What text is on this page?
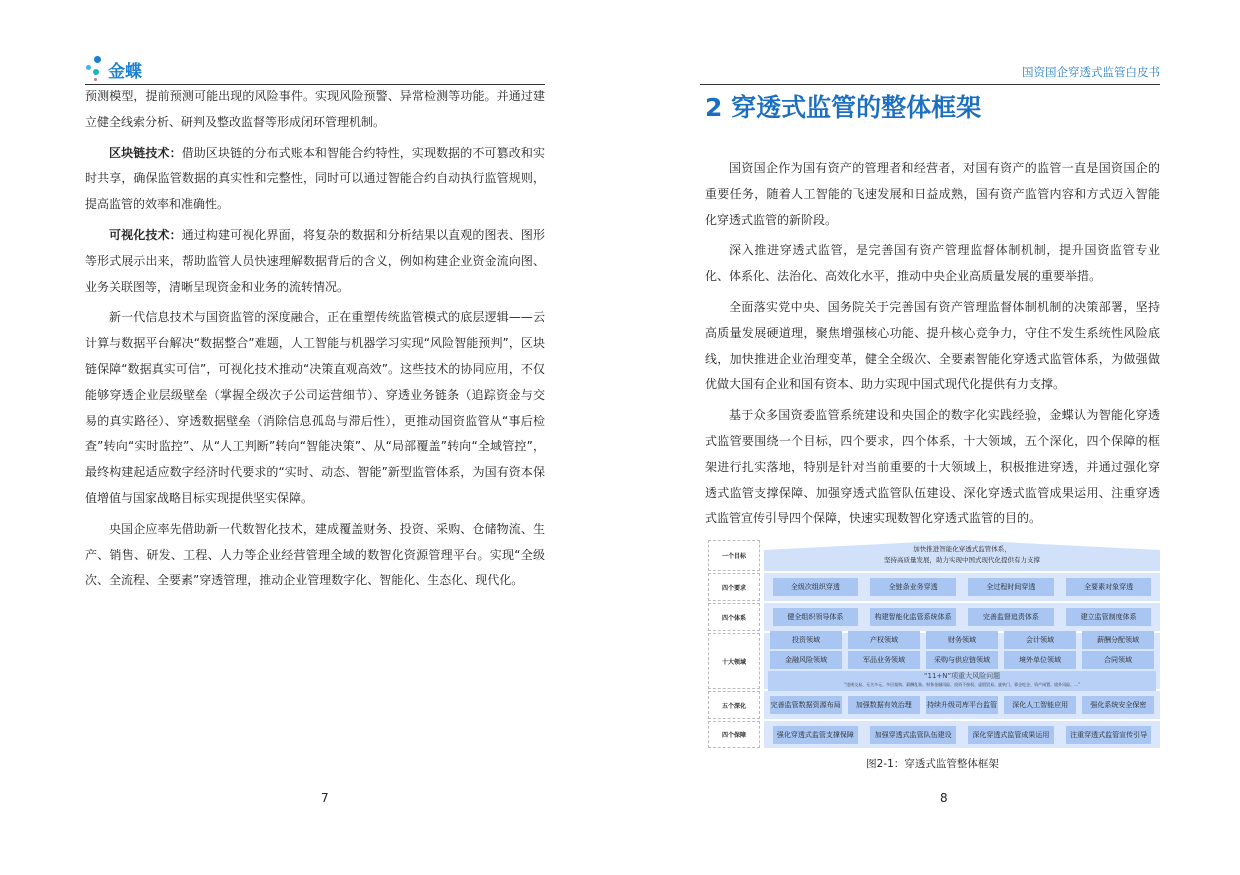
金蝶	国资国企穿透式监管白皮书

预测模型，提前预测可能出现的风险事件。实现风险预警、异常检测等功能。并通过建立健全线索分析、研判及整改监督等形成闭环管理机制。

区块链技术：借助区块链的分布式账本和智能合约特性，实现数据的不可篡改和实时共享，确保监管数据的真实性和完整性，同时可以通过智能合约自动执行监管规则，提高监管的效率和准确性。

可视化技术：通过构建可视化界面，将复杂的数据和分析结果以直观的图表、图形等形式展示出来，帮助监管人员快速理解数据背后的含义，例如构建企业资金流向图、业务关联图等，清晰呈现资金和业务的流转情况。

新一代信息技术与国资监管的深度融合，正在重塑传统监管模式的底层逻辑——云计算与数据平台解决“数据整合”难题，人工智能与机器学习实现“风险智能预判”，区块链保障“数据真实可信”，可视化技术推动“决策直观高效”。这些技术的协同应用，不仅能够穿透企业层级壁垒（掌握全级次子公司运营细节）、穿透业务链条（追踪资金与交易的真实路径）、穿透数据壁垒（消除信息孤岛与滞后性），更推动国资监管从“事后检查”转向“实时监控”、从“人工判断”转向“智能决策”、从“局部覆盖”转向“全域管控”，最终构建起适应数字经济时代要求的“实时、动态、智能”新型监管体系，为国有资本保值增值与国家战略目标实现提供坚实保障。

央国企应率先借助新一代数智化技术，建成覆盖财务、投资、采购、仓储物流、生产、销售、研发、工程、人力等企业经营管理全域的数智化资源管理平台。实现“全级次、全流程、全要素”穿透管理，推动企业管理数字化、智能化、生态化、现代化。

7
2 穿透式监管的整体框架

国资国企作为国有资产的管理者和经营者，对国有资产的监管一直是国资国企的重要任务，随着人工智能的飞速发展和日益成熟，国有资产监管内容和方式迈入智能化穿透式监管的新阶段。

深入推进穿透式监管，是完善国有资产管理监督体制机制，提升国资监管专业化、体系化、法治化、高效化水平，推动中央企业高质量发展的重要举措。

全面落实党中央、国务院关于完善国有资产管理监督体制机制的决策部署，坚持高质量发展硬道理，聚焦增强核心功能、提升核心竞争力，守住不发生系统性风险底线，加快推进企业治理变革，健全全级次、全要素智能化穿透式监管体系，为做强做优做大国有企业和国有资本、助力实现中国式现代化提供有力支撑。

基于众多国资委监管系统建设和央国企的数字化实践经验，金蝶认为智能化穿透式监管要围绕一个目标，四个要求，四个体系，十大领域，五个深化，四个保障的框架进行扎实落地，特别是针对当前重要的十大领域上，积极推进穿透，并通过强化穿透式监管支撑保障、加强穿透式监管队伍建设、深化穿透式监管成果运用、注重穿透式监管宣传引导四个保障，快速实现数智化穿透式监管的目的。

一个目标
加快推进智能化穿透式监管体系，
坚持高质量发展，助力实现中国式现代化提供有力支撑
四个要求	全级次组织穿透	全链条业务穿透	全过程时间穿透	全要素对象穿透
四个体系	健全组织领导体系	构建智能化监管系统体系	完善监督追责体系	建立监管制度体系
十大领域
投资领域	产权领域	财务领域	会计领域	薪酬分配领域
金融风险领域	军品业务领域	采购与供应链领域	境外单位领域	合同领域
“11+N”项重大风险问题
“违规交易、无关多元、多层架构、薪酬乱象、财务金融风险、投资不按权、虚假贸易、旋转门、靠企吃企、资产闲置、境外风险、...”
五个深化	完善监管数据资源布局	加强数据有效治理	持续升级司库平台监管	深化人工智能应用	强化系统安全保密
四个保障	强化穿透式监管支撑保障	加强穿透式监管队伍建设	深化穿透式监管成果运用	注重穿透式监管宣传引导
图2-1：穿透式监管整体框架
8
